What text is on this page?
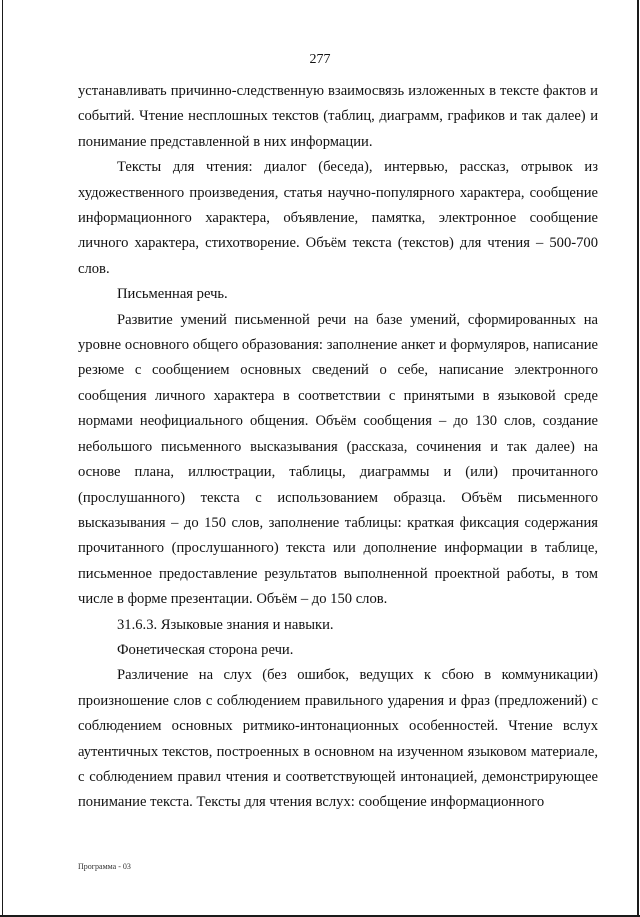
277

устанавливать причинно-следственную взаимосвязь изложенных в тексте фактов и событий. Чтение несплошных текстов (таблиц, диаграмм, графиков и так далее) и понимание представленной в них информации.

Тексты для чтения: диалог (беседа), интервью, рассказ, отрывок из художественного произведения, статья научно-популярного характера, сообщение информационного характера, объявление, памятка, электронное сообщение личного характера, стихотворение. Объём текста (текстов) для чтения – 500-700 слов.

Письменная речь.

Развитие умений письменной речи на базе умений, сформированных на уровне основного общего образования: заполнение анкет и формуляров, написание резюме с сообщением основных сведений о себе, написание электронного сообщения личного характера в соответствии с принятыми в языковой среде нормами неофициального общения. Объём сообщения – до 130 слов, создание небольшого письменного высказывания (рассказа, сочинения и так далее) на основе плана, иллюстрации, таблицы, диаграммы и (или) прочитанного (прослушанного) текста с использованием образца. Объём письменного высказывания – до 150 слов, заполнение таблицы: краткая фиксация содержания прочитанного (прослушанного) текста или дополнение информации в таблице, письменное предоставление результатов выполненной проектной работы, в том числе в форме презентации. Объём – до 150 слов.

31.6.3. Языковые знания и навыки.

Фонетическая сторона речи.

Различение на слух (без ошибок, ведущих к сбою в коммуникации) произношение слов с соблюдением правильного ударения и фраз (предложений) с соблюдением основных ритмико-интонационных особенностей. Чтение вслух аутентичных текстов, построенных в основном на изученном языковом материале, с соблюдением правил чтения и соответствующей интонацией, демонстрирующее понимание текста. Тексты для чтения вслух: сообщение информационного

Программа - 03
